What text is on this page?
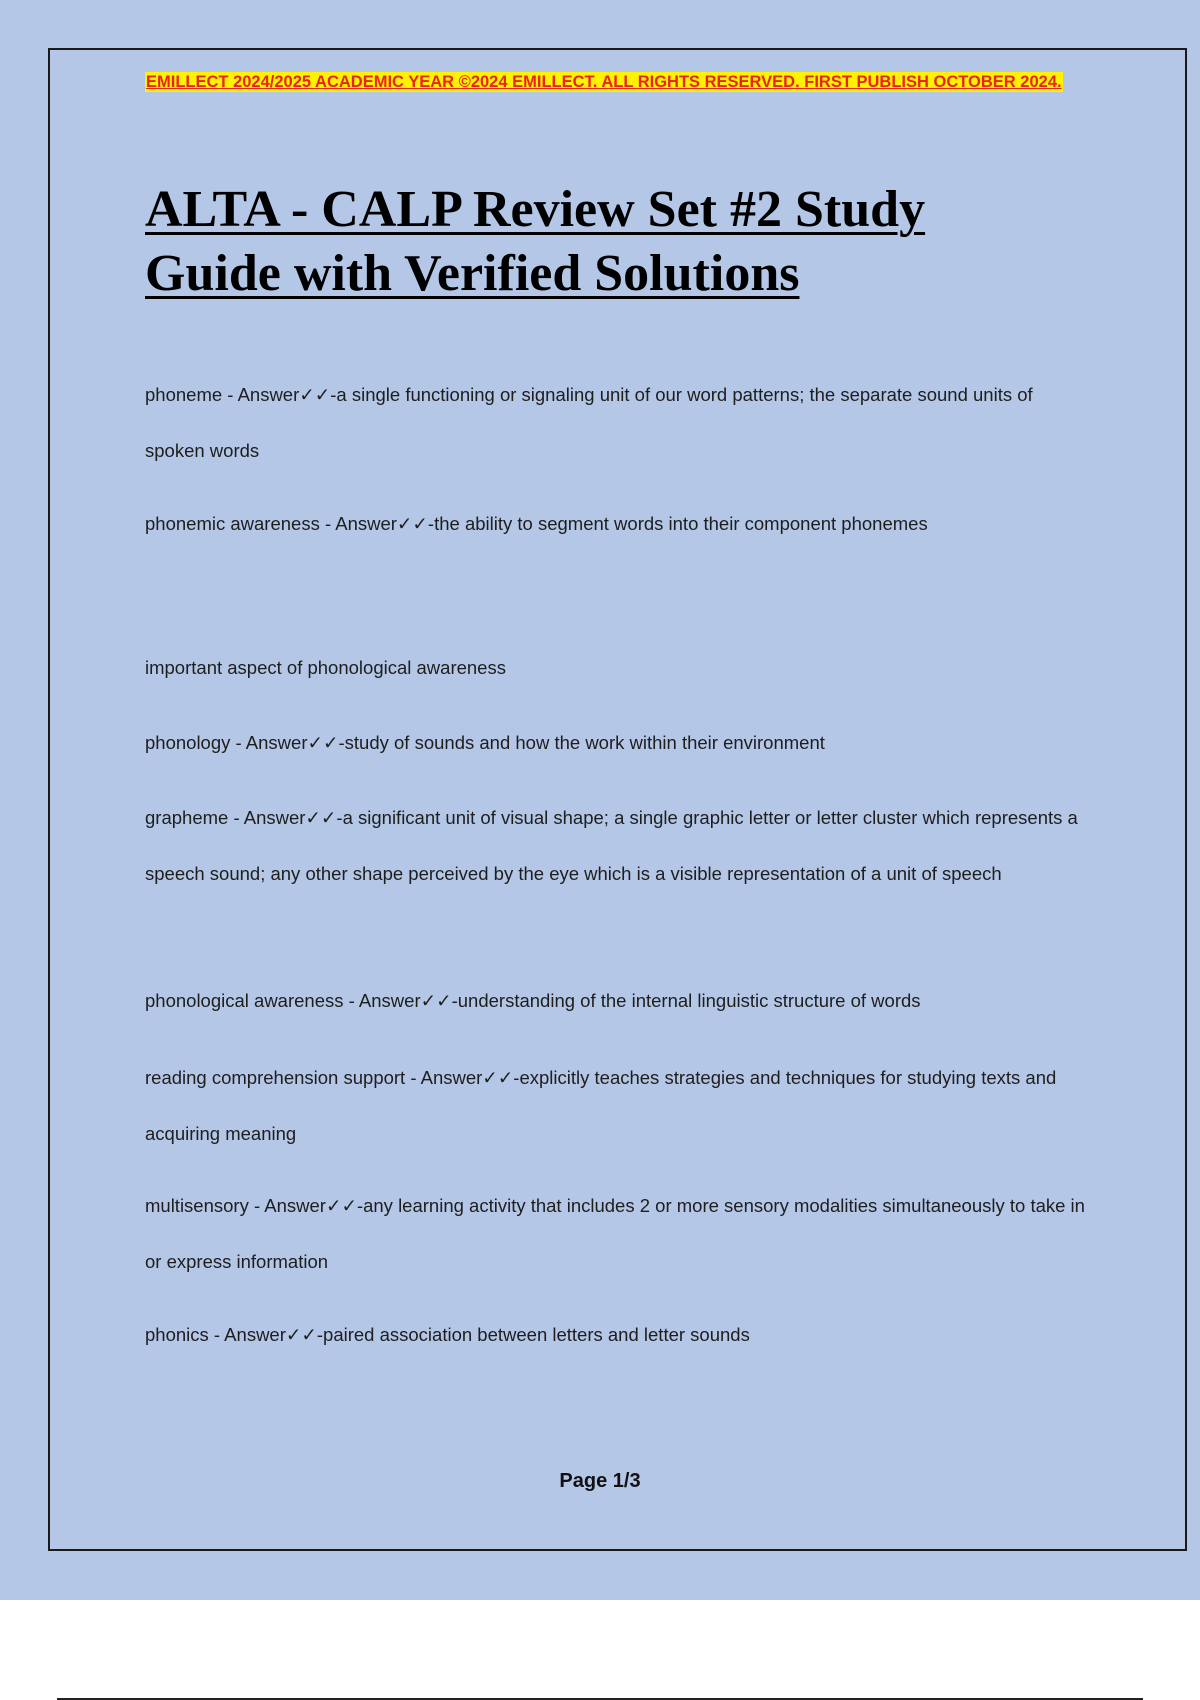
EMILLECT 2024/2025 ACADEMIC YEAR ©2024 EMILLECT. ALL RIGHTS RESERVED. FIRST PUBLISH OCTOBER 2024.
ALTA - CALP Review Set #2 Study Guide with Verified Solutions

phoneme - Answer✓✓-a single functioning or signaling unit of our word patterns; the separate sound units of spoken words

phonemic awareness - Answer✓✓-the ability to segment words into their component phonemes

important aspect of phonological awareness

phonology - Answer✓✓-study of sounds and how the work within their environment

grapheme - Answer✓✓-a significant unit of visual shape; a single graphic letter or letter cluster which represents a speech sound; any other shape perceived by the eye which is a visible representation of a unit of speech

phonological awareness - Answer✓✓-understanding of the internal linguistic structure of words

reading comprehension support - Answer✓✓-explicitly teaches strategies and techniques for studying texts and acquiring meaning

multisensory - Answer✓✓-any learning activity that includes 2 or more sensory modalities simultaneously to take in or express information

phonics - Answer✓✓-paired association between letters and letter sounds

Page 1/3
